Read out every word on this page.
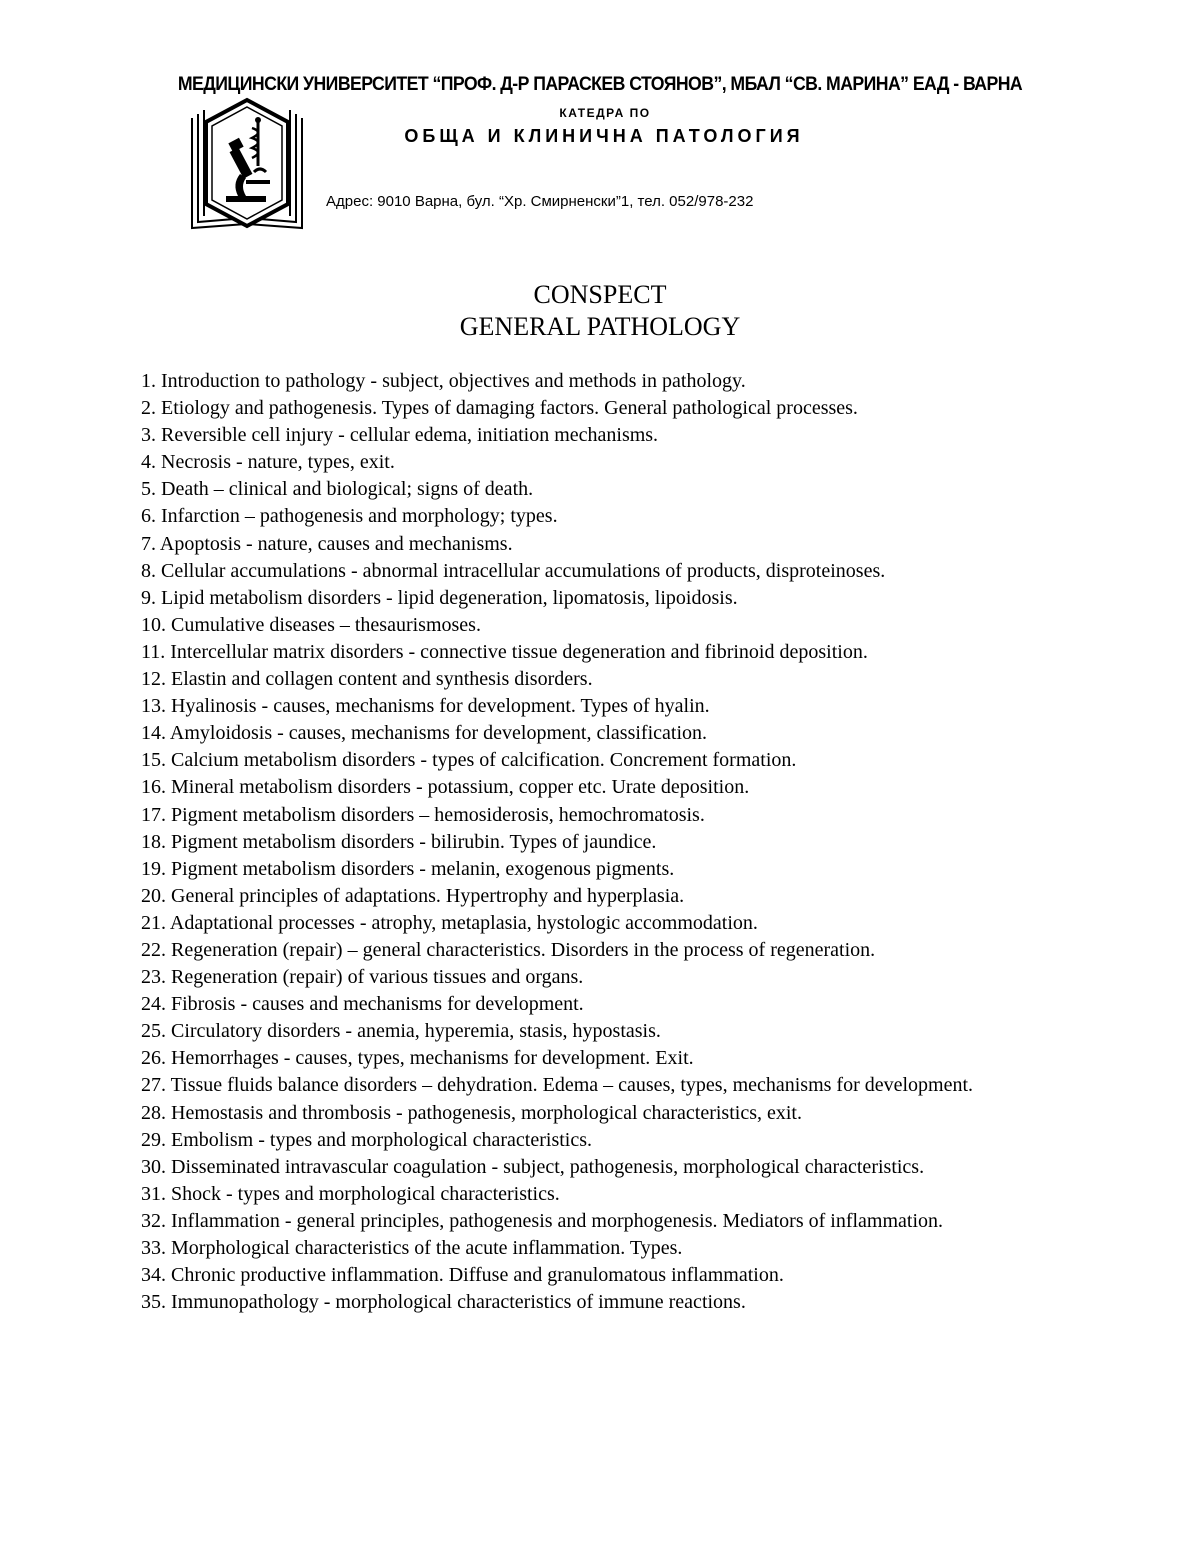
МЕДИЦИНСКИ УНИВЕРСИТЕТ “ПРОФ. Д-Р ПАРАСКЕВ СТОЯНОВ”, МБАЛ “СВ. МАРИНА” ЕАД - ВАРНА
КАТЕДРА ПО
ОБЩА И КЛИНИЧНА ПАТОЛОГИЯ
Адрес: 9010 Варна, бул. “Хр. Смирненски”1, тел. 052/978-232
CONSPECT
GENERAL PATHOLOGY
1. Introduction to pathology - subject, objectives and methods in pathology.
2. Etiology and pathogenesis. Types of damaging factors. General pathological processes.
3. Reversible cell injury - cellular edema, initiation mechanisms.
4. Necrosis - nature, types, exit.
5. Death – clinical and biological; signs of death.
6. Infarction – pathogenesis and morphology; types.
7. Apoptosis - nature, causes and mechanisms.
8. Cellular accumulations - abnormal intracellular accumulations of products, disproteinoses.
9. Lipid metabolism disorders - lipid degeneration, lipomatosis, lipoidosis.
10. Cumulative diseases – thesaurismoses.
11. Intercellular matrix disorders - connective tissue degeneration and fibrinoid deposition.
12. Elastin and collagen content and synthesis disorders.
13. Hyalinosis - causes, mechanisms for development. Types of hyalin.
14. Amyloidosis - causes, mechanisms for development, classification.
15. Calcium metabolism disorders - types of calcification. Concrement formation.
16. Mineral metabolism disorders - potassium, copper etc. Urate deposition.
17. Pigment metabolism disorders – hemosiderosis, hemochromatosis.
18. Pigment metabolism disorders - bilirubin. Types of jaundice.
19. Pigment metabolism disorders - melanin, exogenous pigments.
20. General principles of adaptations. Hypertrophy and hyperplasia.
21. Adaptational processes - atrophy, metaplasia, hystologic accommodation.
22. Regeneration (repair) – general characteristics. Disorders in the process of regeneration.
23. Regeneration (repair) of various tissues and organs.
24. Fibrosis - causes and mechanisms for development.
25. Circulatory disorders - anemia, hyperemia, stasis, hypostasis.
26. Hemorrhages - causes, types, mechanisms for development. Exit.
27. Tissue fluids balance disorders – dehydration. Edema – causes, types, mechanisms for development.
28. Hemostasis and thrombosis - pathogenesis, morphological characteristics, exit.
29. Embolism - types and morphological characteristics.
30. Disseminated intravascular coagulation - subject, pathogenesis, morphological characteristics.
31. Shock - types and morphological characteristics.
32. Inflammation - general principles, pathogenesis and morphogenesis. Mediators of inflammation.
33. Morphological characteristics of the acute inflammation. Types.
34. Chronic productive inflammation. Diffuse and granulomatous inflammation.
35. Immunopathology - morphological characteristics of immune reactions.
